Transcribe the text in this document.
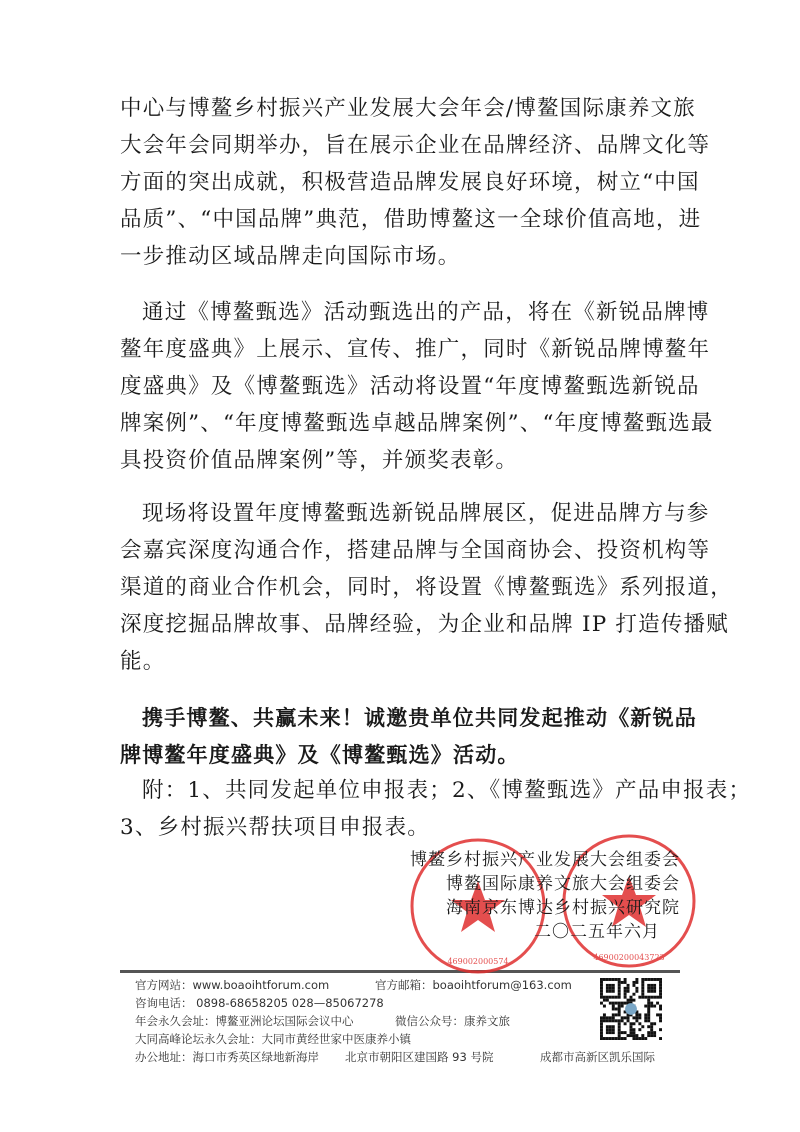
中心与博鳌乡村振兴产业发展大会年会/博鳌国际康养文旅
大会年会同期举办，旨在展示企业在品牌经济、品牌文化等
方面的突出成就，积极营造品牌发展良好环境，树立“中国
品质”、“中国品牌”典范，借助博鳌这一全球价值高地，进
一步推动区域品牌走向国际市场。
通过《博鳌甄选》活动甄选出的产品，将在《新锐品牌博
鳌年度盛典》上展示、宣传、推广，同时《新锐品牌博鳌年
度盛典》及《博鳌甄选》活动将设置“年度博鳌甄选新锐品
牌案例”、“年度博鳌甄选卓越品牌案例”、“年度博鳌甄选最
具投资价值品牌案例”等，并颁奖表彰。
现场将设置年度博鳌甄选新锐品牌展区，促进品牌方与参
会嘉宾深度沟通合作，搭建品牌与全国商协会、投资机构等
渠道的商业合作机会，同时，将设置《博鳌甄选》系列报道，
深度挖掘品牌故事、品牌经验，为企业和品牌 IP 打造传播赋
能。
携手博鳌、共赢未来！诚邀贵单位共同发起推动《新锐品
牌博鳌年度盛典》及《博鳌甄选》活动。
附：1、共同发起单位申报表；2、《博鳌甄选》产品申报表；
3、乡村振兴帮扶项目申报表。
469002000574	46900200043723
博鳌乡村振兴产业发展大会组委会
博鳌国际康养文旅大会组委会
海南京东博达乡村振兴研究院
二〇二五年六月
官方网站：www.boaoihtforum.com	官方邮箱：boaoihtforum@163.com
咨询电话： 0898-68658205 028—85067278
年会永久会址：博鳌亚洲论坛国际会议中心	微信公众号：康养文旅
大同高峰论坛永久会址：大同市黄经世家中医康养小镇
办公地址：海口市秀英区绿地新海岸 北京市朝阳区建国路 93 号院	成都市高新区凯乐国际
